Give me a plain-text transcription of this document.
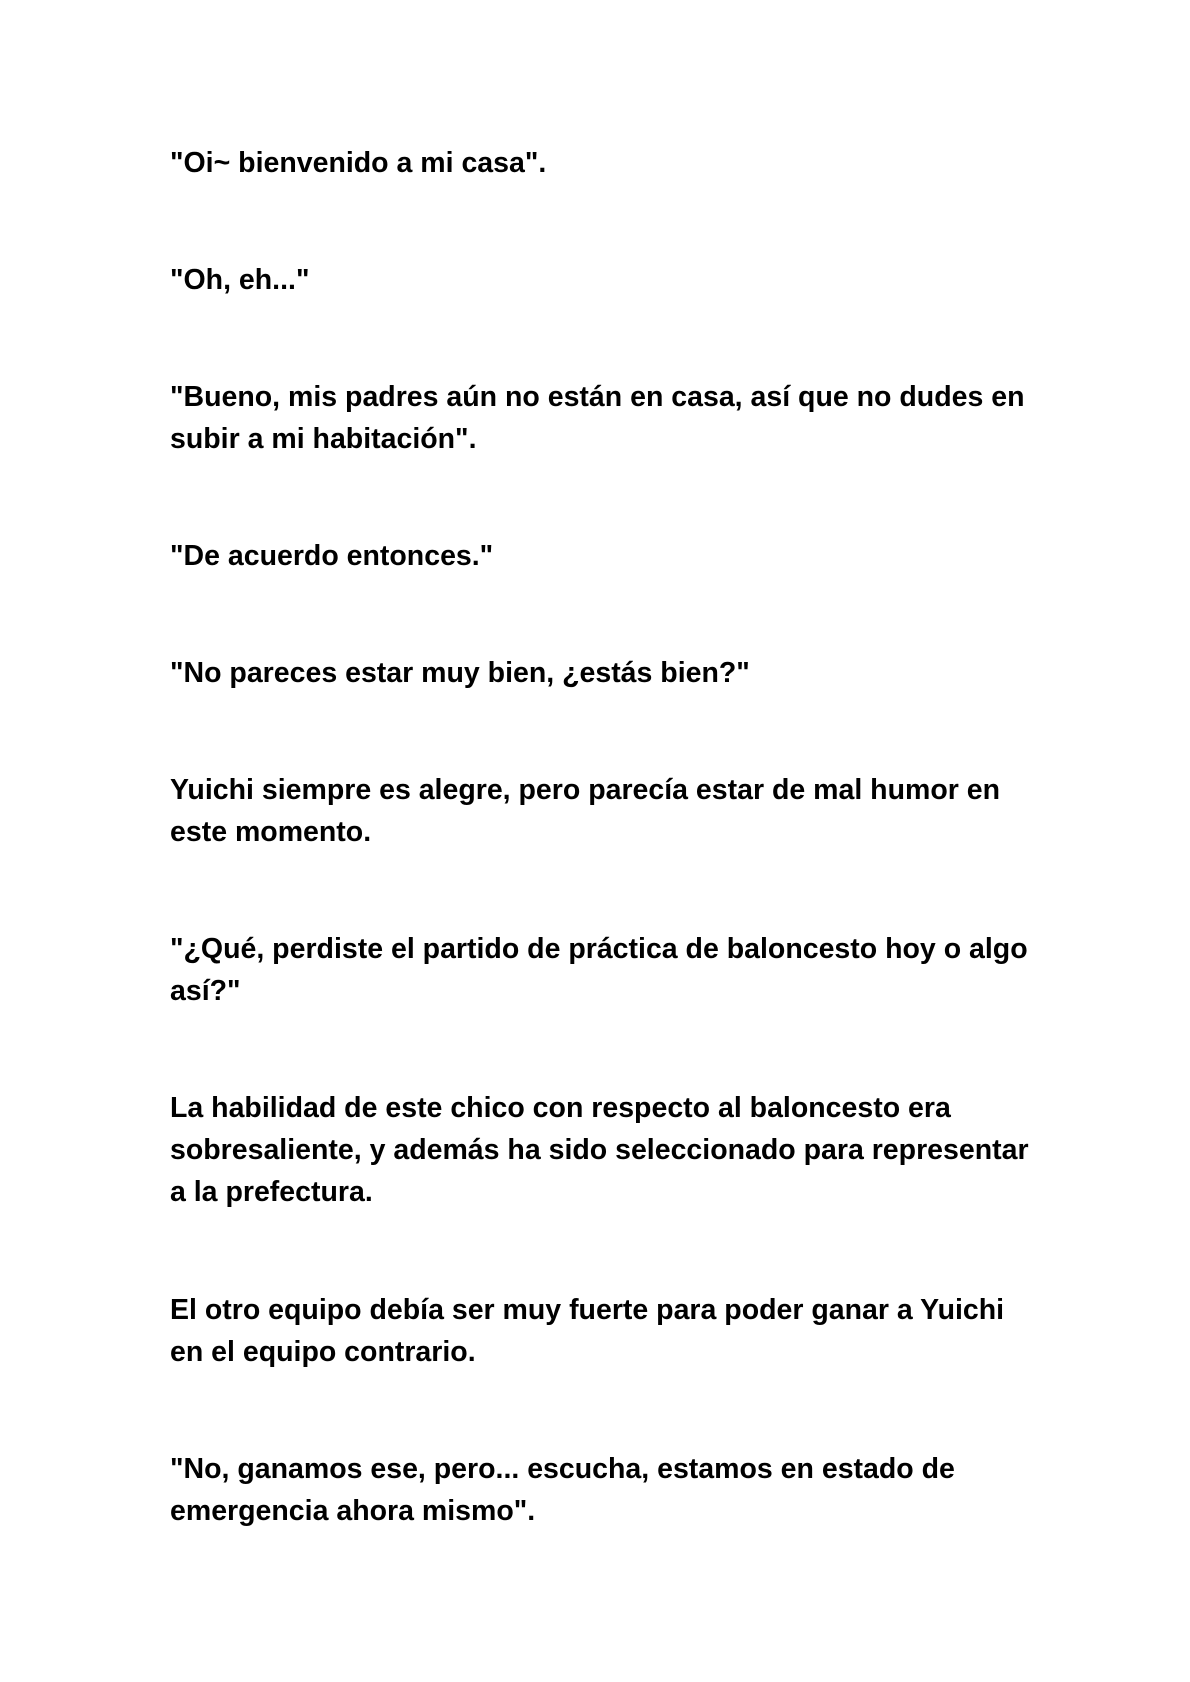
"Oi~ bienvenido a mi casa".

"Oh, eh..."

"Bueno, mis padres aún no están en casa, así que no dudes en subir a mi habitación".

"De acuerdo entonces."

"No pareces estar muy bien, ¿estás bien?"

Yuichi siempre es alegre, pero parecía estar de mal humor en este momento.

"¿Qué, perdiste el partido de práctica de baloncesto hoy o algo así?"

La habilidad de este chico con respecto al baloncesto era sobresaliente, y además ha sido seleccionado para representar a la prefectura.

El otro equipo debía ser muy fuerte para poder ganar a Yuichi en el equipo contrario.

"No, ganamos ese, pero... escucha, estamos en estado de emergencia ahora mismo".
